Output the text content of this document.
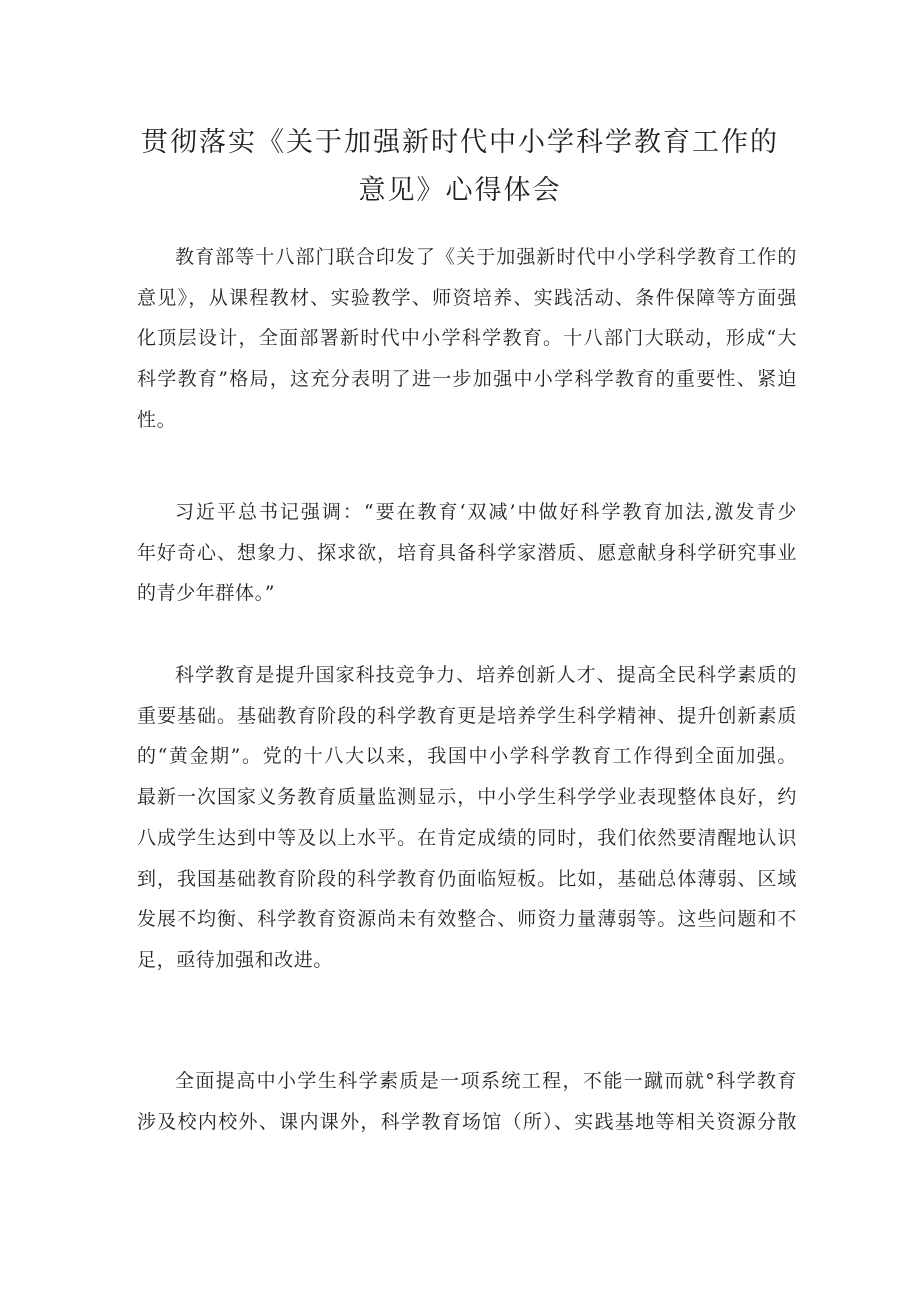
贯彻落实《关于加强新时代中小学科学教育工作的
意见》心得体会

教育部等十八部门联合印发了《关于加强新时代中小学科学教育工作的
意见》，从课程教材、实验教学、师资培养、实践活动、条件保障等方面强
化顶层设计，全面部署新时代中小学科学教育。十八部门大联动，形成“大
科学教育”格局，这充分表明了进一步加强中小学科学教育的重要性、紧迫
性。

习近平总书记强调：“要在教育‘双减’中做好科学教育加法,激发青少
年好奇心、想象力、探求欲，培育具备科学家潜质、愿意献身科学研究事业
的青少年群体。”

科学教育是提升国家科技竞争力、培养创新人才、提高全民科学素质的
重要基础。基础教育阶段的科学教育更是培养学生科学精神、提升创新素质
的“黄金期”。党的十八大以来，我国中小学科学教育工作得到全面加强。
最新一次国家义务教育质量监测显示，中小学生科学学业表现整体良好，约
八成学生达到中等及以上水平。在肯定成绩的同时，我们依然要清醒地认识
到，我国基础教育阶段的科学教育仍面临短板。比如，基础总体薄弱、区域
发展不均衡、科学教育资源尚未有效整合、师资力量薄弱等。这些问题和不
足，亟待加强和改进。

全面提高中小学生科学素质是一项系统工程，不能一蹴而就°科学教育
涉及校内校外、课内课外，科学教育场馆（所）、实践基地等相关资源分散
